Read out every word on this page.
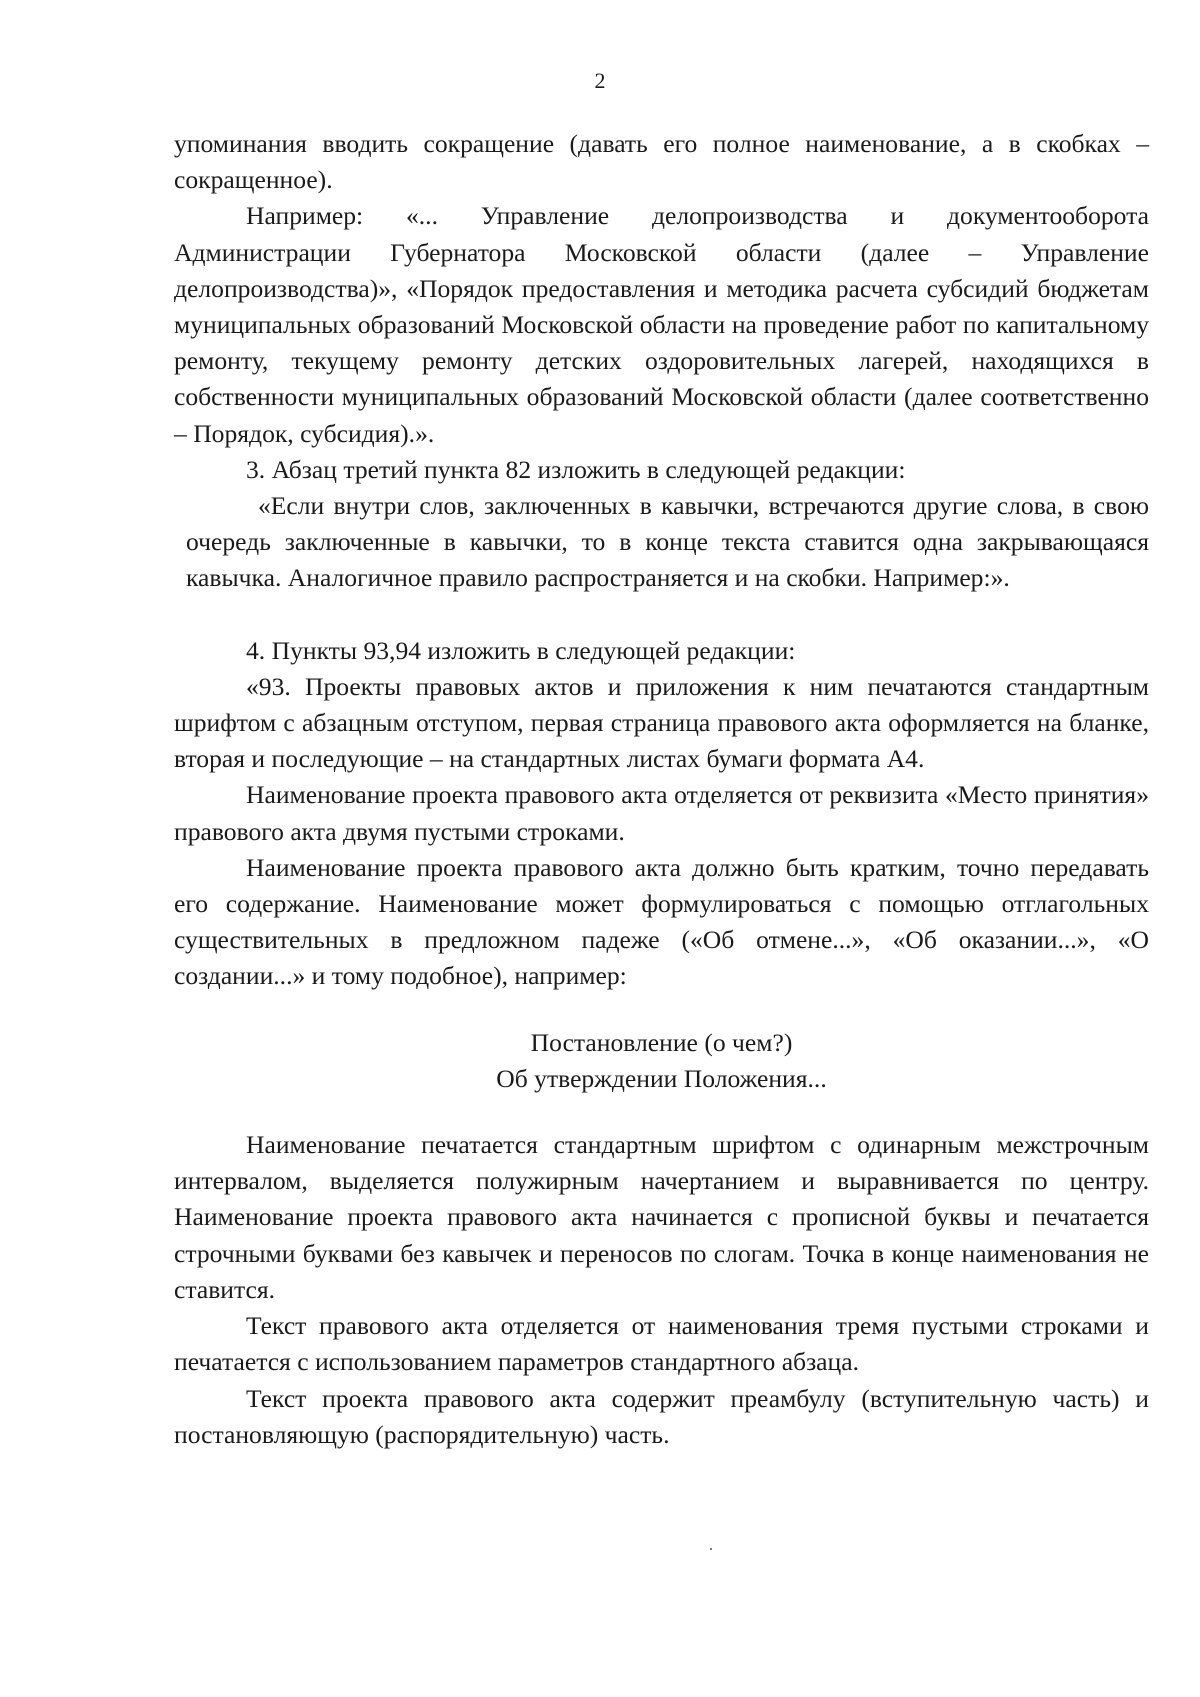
2

упоминания вводить сокращение (давать его полное наименование, а в скобках – сокращенное).

Например: «... Управление делопроизводства и документооборота Администрации Губернатора Московской области (далее – Управление делопроизводства)», «Порядок предоставления и методика расчета субсидий бюджетам муниципальных образований Московской области на проведение работ по капитальному ремонту, текущему ремонту детских оздоровительных лагерей, находящихся в собственности муниципальных образований Московской области (далее соответственно – Порядок, субсидия).».

3. Абзац третий пункта 82 изложить в следующей редакции:

«Если внутри слов, заключенных в кавычки, встречаются другие слова, в свою очередь заключенные в кавычки, то в конце текста ставится одна закрывающаяся кавычка. Аналогичное правило распространяется и на скобки. Например:».

4. Пункты 93,94 изложить в следующей редакции:

«93. Проекты правовых актов и приложения к ним печатаются стандартным шрифтом с абзацным отступом, первая страница правового акта оформляется на бланке, вторая и последующие – на стандартных листах бумаги формата А4.

Наименование проекта правового акта отделяется от реквизита «Место принятия» правового акта двумя пустыми строками.

Наименование проекта правового акта должно быть кратким, точно передавать его содержание. Наименование может формулироваться с помощью отглагольных существительных в предложном падеже («Об отмене...», «Об оказании...», «О создании...» и тому подобное), например:

Постановление (о чем?)

Об утверждении Положения...

Наименование печатается стандартным шрифтом с одинарным межстрочным интервалом, выделяется полужирным начертанием и выравнивается по центру. Наименование проекта правового акта начинается с прописной буквы и печатается строчными буквами без кавычек и переносов по слогам. Точка в конце наименования не ставится.

Текст правового акта отделяется от наименования тремя пустыми строками и печатается с использованием параметров стандартного абзаца.

Текст проекта правового акта содержит преамбулу (вступительную часть) и постановляющую (распорядительную) часть.
